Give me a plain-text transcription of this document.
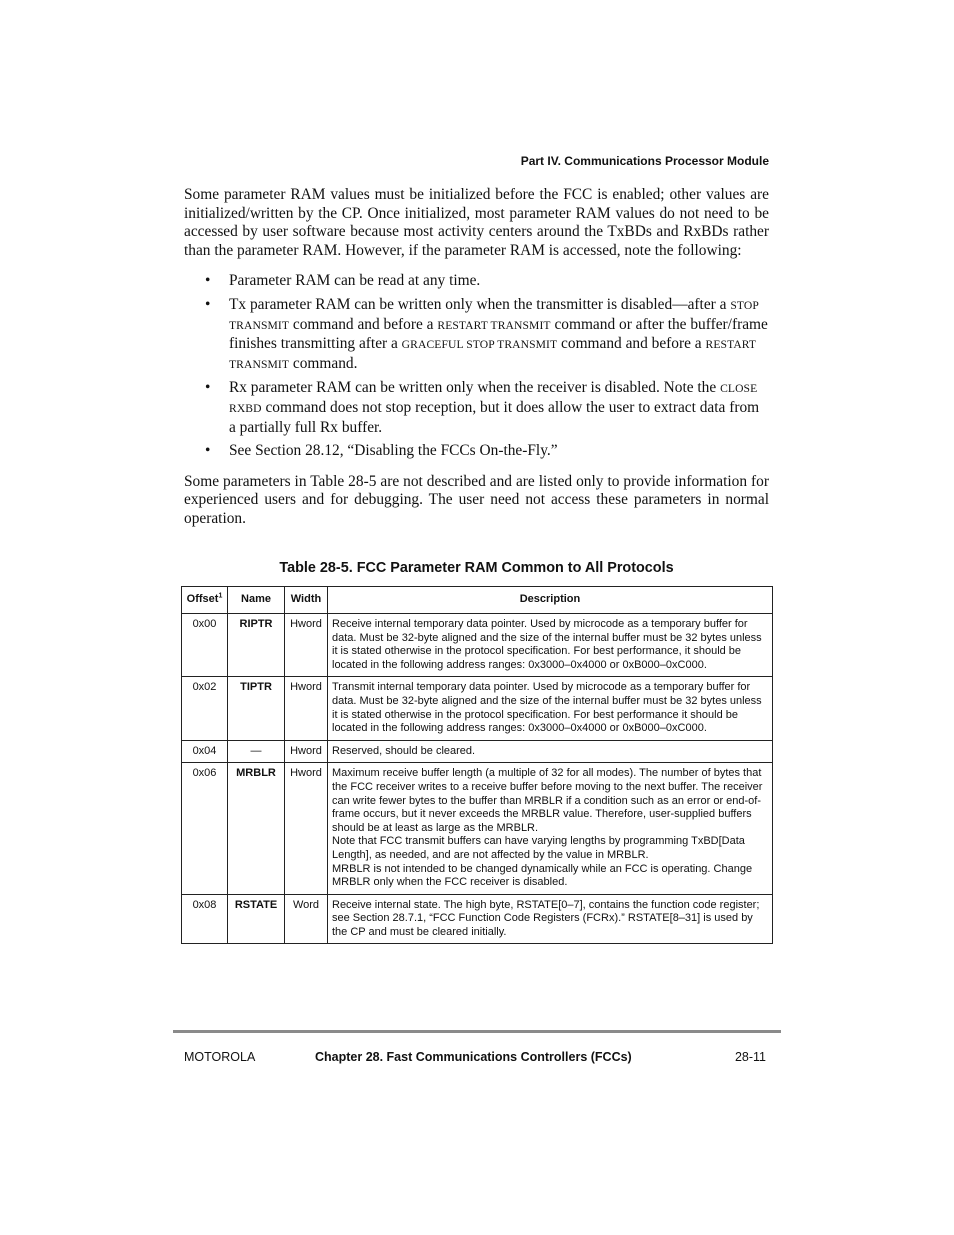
Part IV. Communications Processor Module

Some parameter RAM values must be initialized before the FCC is enabled; other values are initialized/written by the CP. Once initialized, most parameter RAM values do not need to be accessed by user software because most activity centers around the TxBDs and RxBDs rather than the parameter RAM. However, if the parameter RAM is accessed, note the following:

• Parameter RAM can be read at any time.
• Tx parameter RAM can be written only when the transmitter is disabled—after a STOP TRANSMIT command and before a RESTART TRANSMIT command or after the buffer/frame finishes transmitting after a GRACEFUL STOP TRANSMIT command and before a RESTART TRANSMIT command.
• Rx parameter RAM can be written only when the receiver is disabled. Note the CLOSE RXBD command does not stop reception, but it does allow the user to extract data from a partially full Rx buffer.
• See Section 28.12, “Disabling the FCCs On-the-Fly.”

Some parameters in Table 28-5 are not described and are listed only to provide information for experienced users and for debugging. The user need not access these parameters in normal operation.

Table 28-5. FCC Parameter RAM Common to All Protocols
Offset$^1$	Name	Width	Description
0x00	RIPTR	Hword	Receive internal temporary data pointer. Used by microcode as a temporary buffer for data. Must be 32-byte aligned and the size of the internal buffer must be 32 bytes unless it is stated otherwise in the protocol specification. For best performance, it should be located in the following address ranges: 0x3000–0x4000 or 0xB000–0xC000.
0x02	TIPTR	Hword	Transmit internal temporary data pointer. Used by microcode as a temporary buffer for data. Must be 32-byte aligned and the size of the internal buffer must be 32 bytes unless it is stated otherwise in the protocol specification. For best performance it should be located in the following address ranges: 0x3000–0x4000 or 0xB000–0xC000.
0x04	—	Hword	Reserved, should be cleared.
0x06	MRBLR	Hword	Maximum receive buffer length (a multiple of 32 for all modes). The number of bytes that the FCC receiver writes to a receive buffer before moving to the next buffer. The receiver can write fewer bytes to the buffer than MRBLR if a condition such as an error or end-of-frame occurs, but it never exceeds the MRBLR value. Therefore, user-supplied buffers should be at least as large as the MRBLR.
Note that FCC transmit buffers can have varying lengths by programming TxBD[Data Length], as needed, and are not affected by the value in MRBLR.
MRBLR is not intended to be changed dynamically while an FCC is operating. Change MRBLR only when the FCC receiver is disabled.

0x08	RSTATE	Word	Receive internal state. The high byte, RSTATE[0–7], contains the function code register; see Section 28.7.1, “FCC Function Code Registers (FCRx).” RSTATE[8–31] is used by the CP and must be cleared initially.
MOTOROLA	Chapter 28. Fast Communications Controllers (FCCs)	28-11
